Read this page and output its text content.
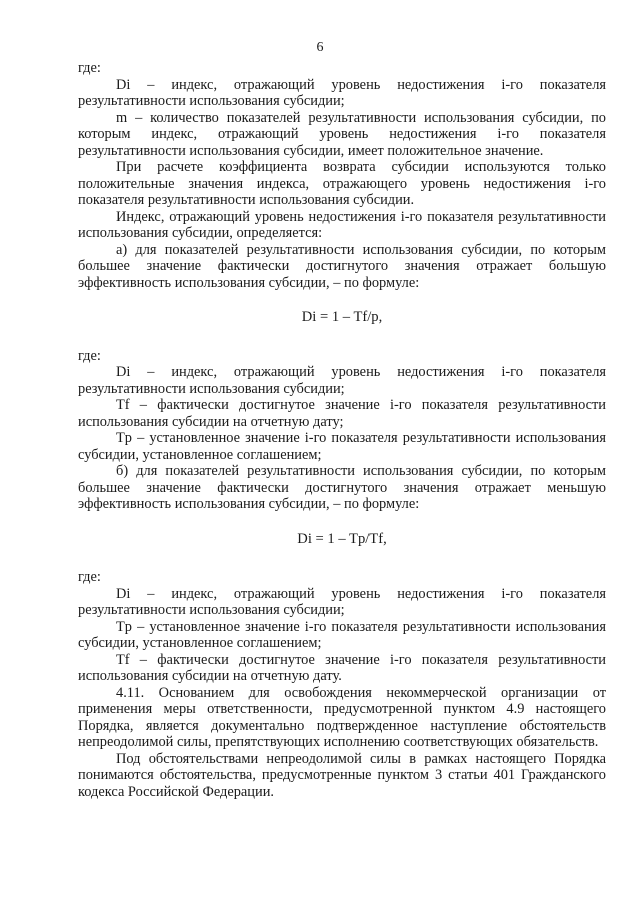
6

где:

Di – индекс, отражающий уровень недостижения i-го показателя результативности использования субсидии;

m – количество показателей результативности использования субсидии, по которым индекс, отражающий уровень недостижения i-го показателя результативности использования субсидии, имеет положительное значение.

При расчете коэффициента возврата субсидии используются только положительные значения индекса, отражающего уровень недостижения i-го показателя результативности использования субсидии.

Индекс, отражающий уровень недостижения i-го показателя результативности использования субсидии, определяется:

а) для показателей результативности использования субсидии, по которым большее значение фактически достигнутого значения отражает большую эффективность использования субсидии, – по формуле:

Di = 1 – Tf/p,

где:

Di – индекс, отражающий уровень недостижения i-го показателя результативности использования субсидии;

Tf – фактически достигнутое значение i-го показателя результативности использования субсидии на отчетную дату;

Tp – установленное значение i-го показателя результативности использования субсидии, установленное соглашением;

б) для показателей результативности использования субсидии, по которым большее значение фактически достигнутого значения отражает меньшую эффективность использования субсидии, – по формуле:

Di = 1 – Tp/Tf,

где:

Di – индекс, отражающий уровень недостижения i-го показателя результативности использования субсидии;

Tp – установленное значение i-го показателя результативности использования субсидии, установленное соглашением;

Tf – фактически достигнутое значение i-го показателя результативности использования субсидии на отчетную дату.

4.11. Основанием для освобождения некоммерческой организации от применения меры ответственности, предусмотренной пунктом 4.9 настоящего Порядка, является документально подтвержденное наступление обстоятельств непреодолимой силы, препятствующих исполнению соответствующих обязательств.

Под обстоятельствами непреодолимой силы в рамках настоящего Порядка понимаются обстоятельства, предусмотренные пунктом 3 статьи 401 Гражданского кодекса Российской Федерации.
